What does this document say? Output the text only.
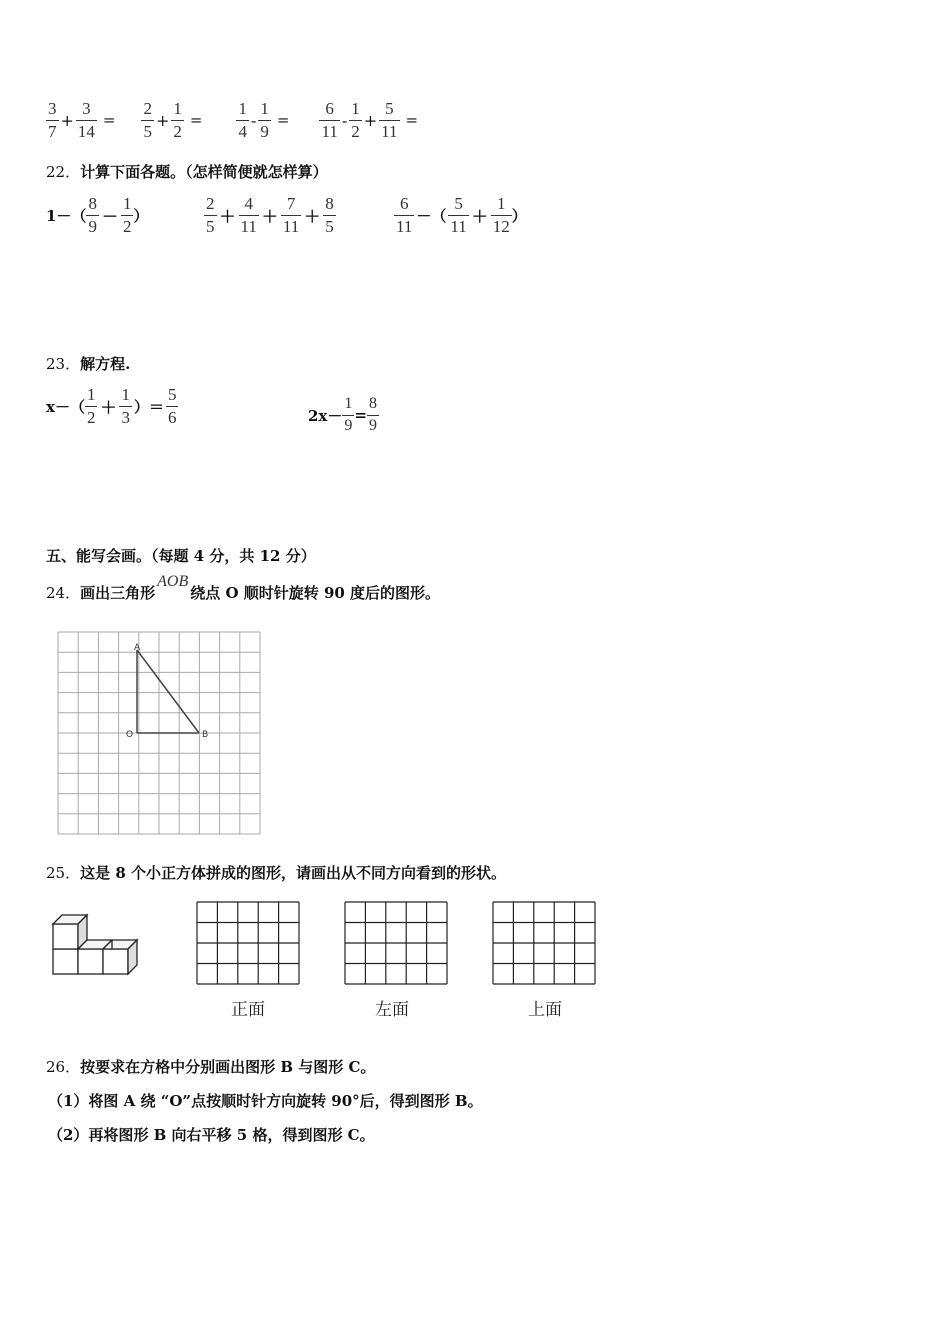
$\frac{3}{7} + \frac{3}{14} = \frac{2}{5} + \frac{1}{2} = \frac{1}{4} - \frac{1}{9} = \frac{6}{11} - \frac{1}{2} + \frac{5}{11}$ =
22．计算下面各题。（怎样简便就怎样算）
$1-( \frac{8}{9} - \frac{1}{2}$ ）	$\frac{2}{5} + \frac{4}{11} + \frac{7}{11} + \frac{8}{5}$	$\frac{6}{11}$ －（ $\frac{5}{11} + \frac{1}{12}$ ）
23．解方程.
$x-( \frac{1}{2} + \frac{1}{3}$ ）＝ $\frac{5}{6}$	$2x- \frac{1}{9} = \frac{8}{9}$
五、能写会画。（每题 4 分，共 12 分）
24．画出三角形AOB绕点 O 顺时针旋转 90 度后的图形。
A
O	B
25．这是 8 个小正方体拼成的图形，请画出从不同方向看到的形状。
正面	左面	上面
26．按要求在方格中分别画出图形 B 与图形 C。
（1）将图 A 绕 “O”点按顺时针方向旋转 90°后，得到图形 B。
（2）再将图形 B 向右平移 5 格，得到图形 C。
